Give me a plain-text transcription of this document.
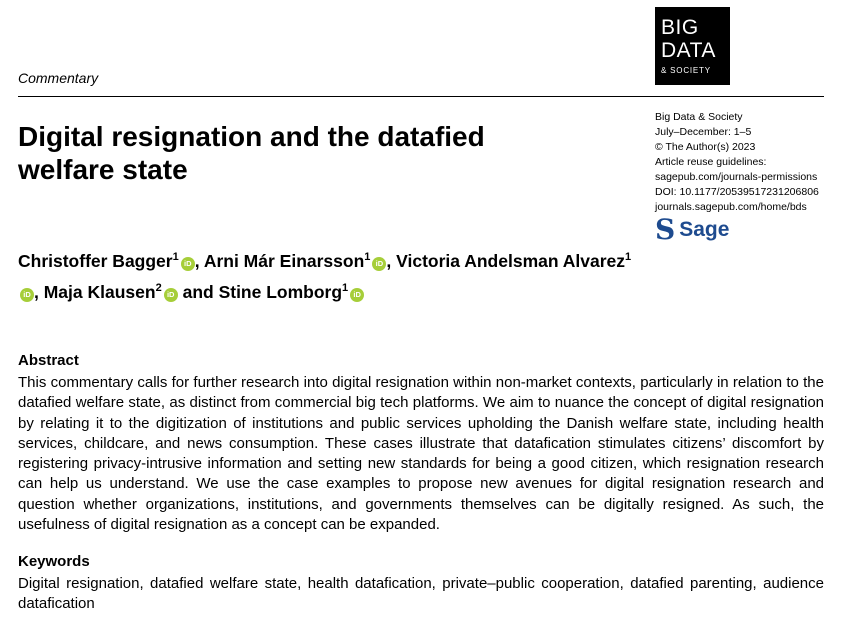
BIG
DATA
& SOCIETY
Commentary
Big Data & Society
July–December: 1–5
© The Author(s) 2023
Article reuse guidelines:
sagepub.com/journals-permissions
DOI: 10.1177/20539517231206806
journals.sagepub.com/home/bds
S Sage
Digital resignation and the datafied welfare state
Christoffer Bagger$^1$iD , Arni Már Einarsson$^1$iD , Victoria Andelsman Alvarez$^1$iD , Maja Klausen$^2$iD and Stine Lomborg$^1$iD
Abstract
This commentary calls for further research into digital resignation within non-market contexts, particularly in relation to the datafied welfare state, as distinct from commercial big tech platforms. We aim to nuance the concept of digital resignation by relating it to the digitization of institutions and public services upholding the Danish welfare state, including health services, childcare, and news consumption. These cases illustrate that datafication stimulates citizens’ discomfort by registering privacy-intrusive information and setting new standards for being a good citizen, which resignation research can help us understand. We use the case examples to propose new avenues for digital resignation research and question whether organizations, institutions, and governments themselves can be digitally resigned. As such, the usefulness of digital resignation as a concept can be expanded.
Keywords
Digital resignation, datafied welfare state, health datafication, private–public cooperation, datafied parenting, audience datafication
